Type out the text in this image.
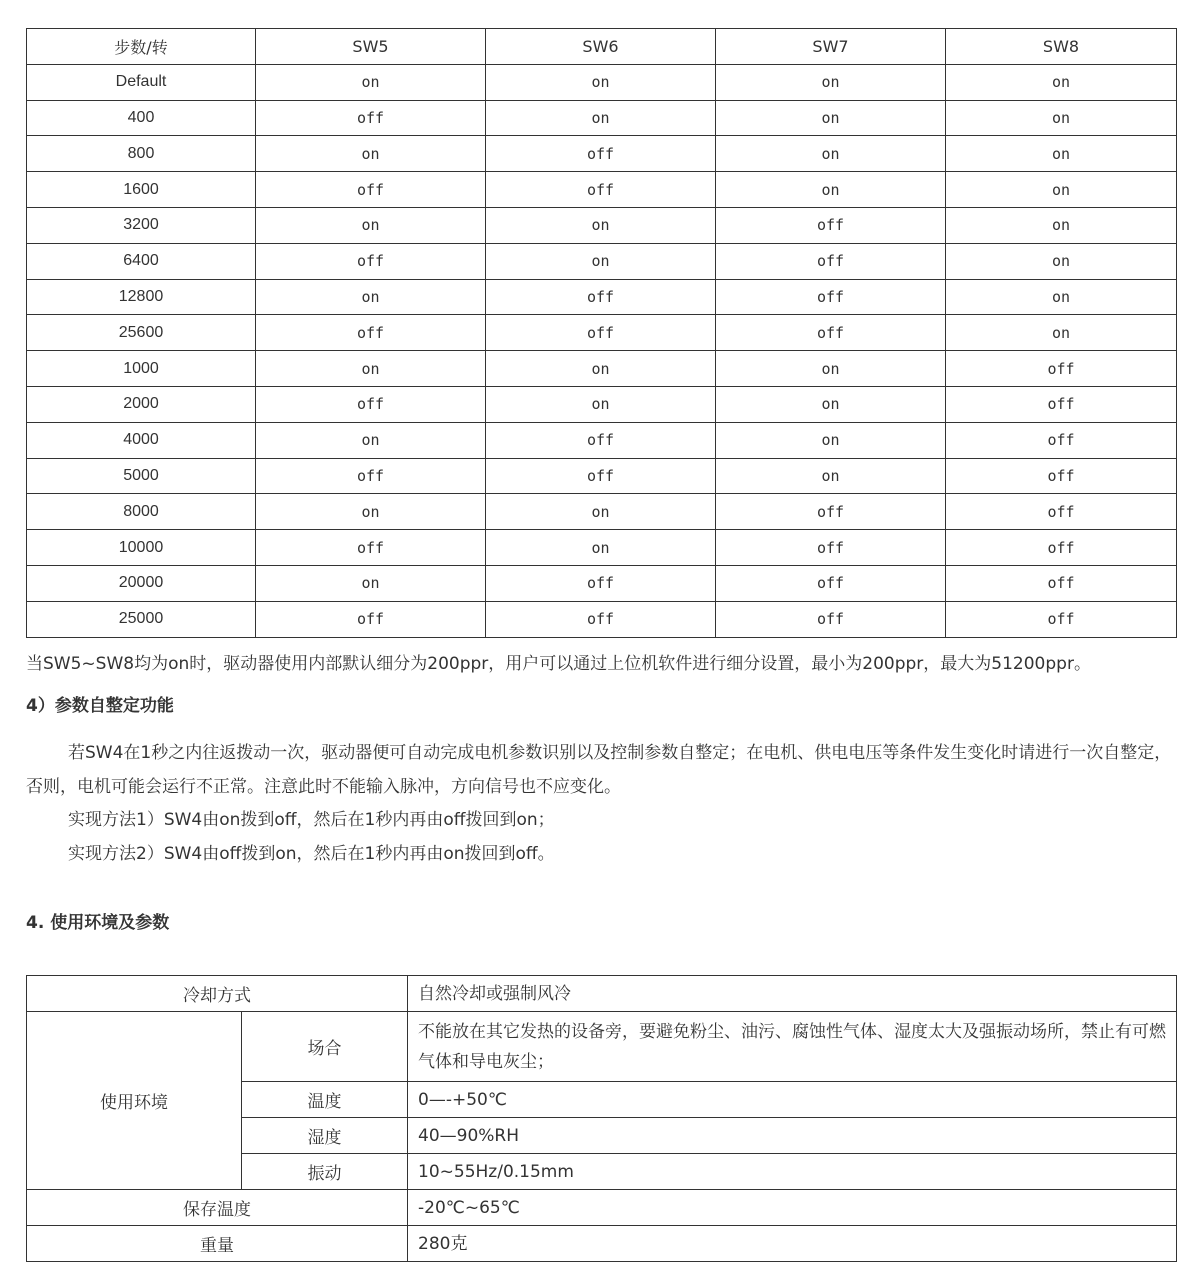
步数/转	SW5	SW6	SW7	SW8
Default	on	on	on	on
400	off	on	on	on
800	on	off	on	on
1600	off	off	on	on
3200	on	on	off	on
6400	off	on	off	on
12800	on	off	off	on
25600	off	off	off	on
1000	on	on	on	off
2000	off	on	on	off
4000	on	off	on	off
5000	off	off	on	off
8000	on	on	off	off
10000	off	on	off	off
20000	on	off	off	off
25000	off	off	off	off

当SW5~SW8均为on时，驱动器使用内部默认细分为200ppr，用户可以通过上位机软件进行细分设置，最小为200ppr，最大为51200ppr。

4）参数自整定功能

若SW4在1秒之内往返拨动一次，驱动器便可自动完成电机参数识别以及控制参数自整定；在电机、供电电压等条件发生变化时请进行一次自整定，否则，电机可能会运行不正常。注意此时不能输入脉冲，方向信号也不应变化。

实现方法1）SW4由on拨到off，然后在1秒内再由off拨回到on；

实现方法2）SW4由off拨到on，然后在1秒内再由on拨回到off。

4. 使用环境及参数

冷却方式		自然冷却或强制风冷
使用环境	场合	不能放在其它发热的设备旁，要避免粉尘、油污、腐蚀性气体、湿度太大及强振动场所，禁止有可燃气体和导电灰尘；
	温度	0—-+50℃
	湿度	40—90%RH
	振动	10~55Hz/0.15mm
保存温度		-20℃~65℃
重量		280克
